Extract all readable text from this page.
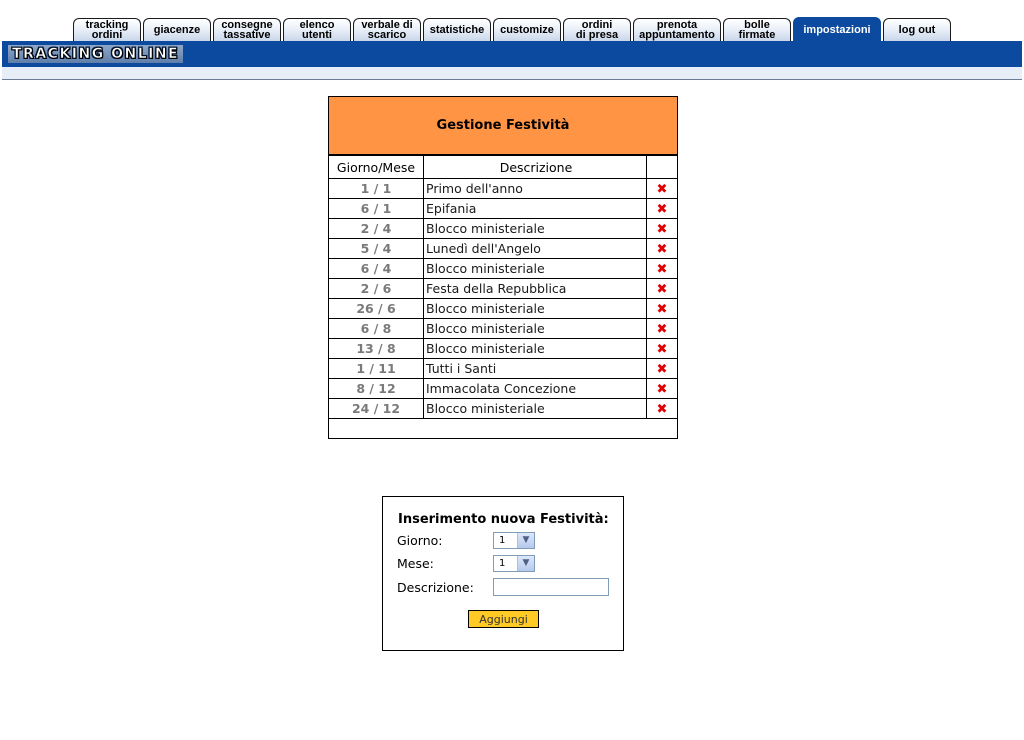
tracking
ordini	giacenze	consegne
tassative
elenco
utenti
verbale di
scarico	statistiche	customize	ordini
di presa
prenota
appuntamento
bolle
firmate	impostazioni	log out
TRACKING ONLINE
Gestione Festività
Giorno/Mese	Descrizione	
1 / 1	Primo dell'anno	✖
6 / 1	Epifania	✖
2 / 4	Blocco ministeriale	✖
5 / 4	Lunedì dell'Angelo	✖
6 / 4	Blocco ministeriale	✖
2 / 6	Festa della Repubblica	✖
26 / 6	Blocco ministeriale	✖
6 / 8	Blocco ministeriale	✖
13 / 8	Blocco ministeriale	✖
1 / 11	Tutti i Santi	✖
8 / 12	Immacolata Concezione	✖
24 / 12	Blocco ministeriale	✖
Inserimento nuova Festività:
Giorno:	1	▼
Mese:	1	▼
Descrizione:
Aggiungi
